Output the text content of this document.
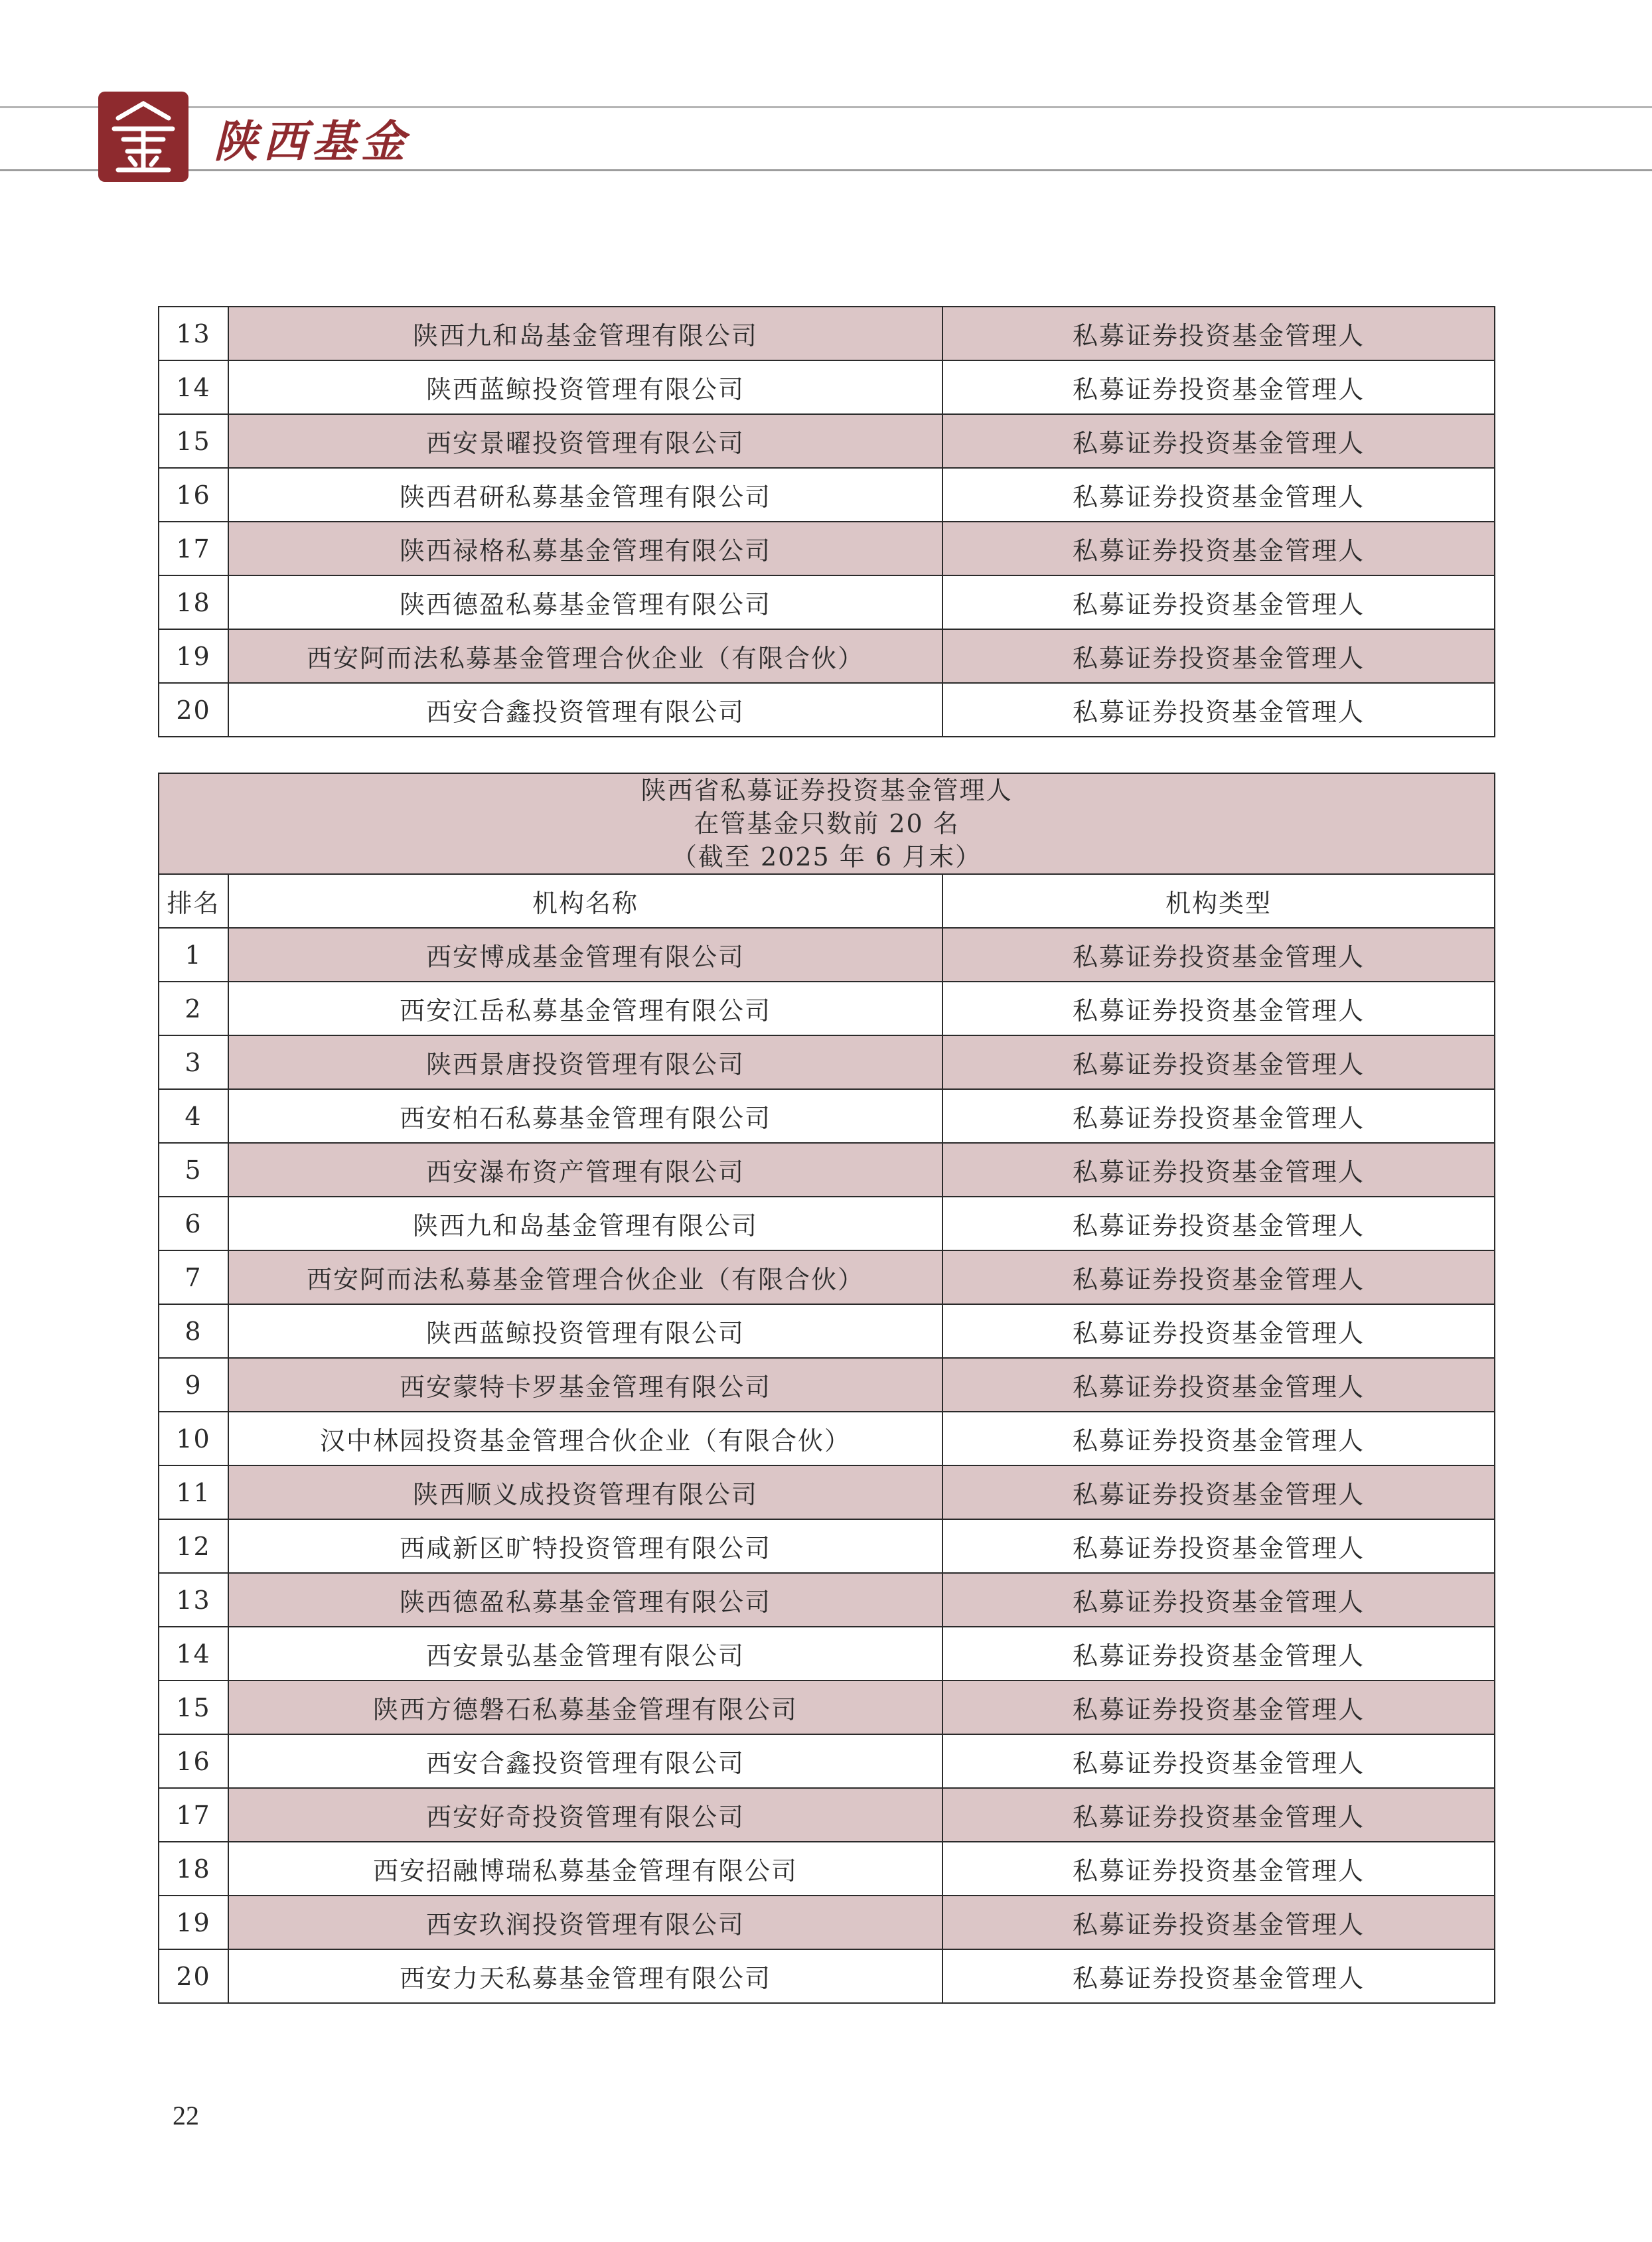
陕西基金
13	陕西九和岛基金管理有限公司	私募证券投资基金管理人
14	陕西蓝鲸投资管理有限公司	私募证券投资基金管理人
15	西安景曜投资管理有限公司	私募证券投资基金管理人
16	陕西君研私募基金管理有限公司	私募证券投资基金管理人
17	陕西禄格私募基金管理有限公司	私募证券投资基金管理人
18	陕西德盈私募基金管理有限公司	私募证券投资基金管理人
19	西安阿而法私募基金管理合伙企业（有限合伙）	私募证券投资基金管理人
20	西安合鑫投资管理有限公司	私募证券投资基金管理人
陕西省私募证券投资基金管理人
在管基金只数前 20 名
（截至 2025 年 6 月末）		

排名	机构名称	机构类型
1	西安博成基金管理有限公司	私募证券投资基金管理人
2	西安江岳私募基金管理有限公司	私募证券投资基金管理人
3	陕西景唐投资管理有限公司	私募证券投资基金管理人
4	西安柏石私募基金管理有限公司	私募证券投资基金管理人
5	西安瀑布资产管理有限公司	私募证券投资基金管理人
6	陕西九和岛基金管理有限公司	私募证券投资基金管理人
7	西安阿而法私募基金管理合伙企业（有限合伙）	私募证券投资基金管理人
8	陕西蓝鲸投资管理有限公司	私募证券投资基金管理人
9	西安蒙特卡罗基金管理有限公司	私募证券投资基金管理人
10	汉中林园投资基金管理合伙企业（有限合伙）	私募证券投资基金管理人
11	陕西顺义成投资管理有限公司	私募证券投资基金管理人
12	西咸新区旷特投资管理有限公司	私募证券投资基金管理人
13	陕西德盈私募基金管理有限公司	私募证券投资基金管理人
14	西安景弘基金管理有限公司	私募证券投资基金管理人
15	陕西方德磐石私募基金管理有限公司	私募证券投资基金管理人
16	西安合鑫投资管理有限公司	私募证券投资基金管理人
17	西安好奇投资管理有限公司	私募证券投资基金管理人
18	西安招融博瑞私募基金管理有限公司	私募证券投资基金管理人
19	西安玖润投资管理有限公司	私募证券投资基金管理人
20	西安力天私募基金管理有限公司	私募证券投资基金管理人
22
